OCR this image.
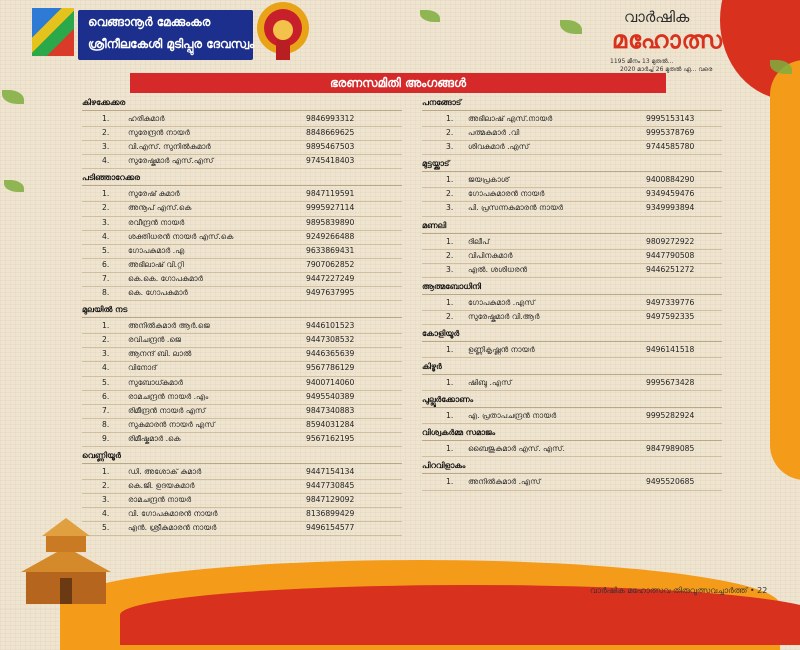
വെങ്ങാനൂർ മേക്കുംകര
ശ്രീനീലകേശി മുടിപ്പുര ദേവസ്വം
വാർഷിക
മഹോത്സവം
1195 മീനം 13 മുതൽ...
2020 മാർച്ച് 26 മുതൽ ഏ... വരെ
ഭരണസമിതി അംഗങ്ങൾ
കിഴക്കേക്കര
1. ഹരികുമാർ	9846993312
2. സുരേന്ദ്രൻ നായർ	8848669625
3. വി.എസ്. സുനിൽകുമാർ	9895467503
4. സുരേഷ്കുമാർ എസ്.എസ്	9745418403
പടിഞ്ഞാറേക്കര
1. സുരേഷ് കുമാർ	9847119591
2. അനൂപ് എസ്.കെ	9995927114
3. രവീന്ദ്രൻ നായർ	9895839890
4. ശക്തിധരൻ നായർ എസ്.കെ	9249266488
5. ഗോപകുമാർ .എ	9633869431
6. അഭിലാഷ് വി.റ്റി	7907062852
7. കെ.കെ. ഗോപകുമാർ	9447227249
8. കെ. ഗോപകുമാർ	9497637995
മുലയിൽ നട
1. അനിൽകുമാർ ആർ.ജെ	9446101523
2. രവിചന്ദ്രൻ .ജെ	9447308532
3. ആനന്ദ് ബി. ലാൽ	9446365639
4. വിനോദ്	9567786129
5. സുബോധ്കുമാർ	9400714060
6. രാമചന്ദ്രൻ നായർ .എം	9495540389
7. രിമീന്ദ്രൻ നായർ എസ്	9847340883
8. സുകുമാരൻ നായർ എസ്	8594031284
9. രിമീഷ്കുമാർ .കെ	9567162195
വെണ്ണിയൂർ
1. ഡി. അശോക് കുമാർ	9447154134
2. കെ.ജി. ഉദയകുമാർ	9447730845
3. രാമചന്ദ്രൻ നായർ	9847129092
4. വി. ഗോപകുമാരൻ നായർ	8136899429
5. എൻ. ശ്രീകുമാരൻ നായർ	9496154577
പനങ്ങോട്
1. അഭിലാഷ് എസ്.നായർ	9995153143
2. പത്മകുമാർ .വി	9995378769
3. ശിവകുമാർ .എസ്	9744585780
മുട്ടയ്ക്കാട്
1. ജയപ്രകാശ്	9400884290
2. ഗോപകുമാരൻ നായർ	9349459476
3. പി. പ്രസന്നകുമാരൻ നായർ	9349993894
മണലി
1. ദിലീപ്	9809272922
2. വിപിനകുമാർ	9447790508
3. എൽ. ശശിധരൻ	9446251272
ആത്മബോധിനി
1. ഗോപകുമാർ .എസ്	9497339776
2. സുരേഷ്കുമാർ വി.ആർ	9497592335
കോളിയൂർ
1. ഉണ്ണികൃഷ്ണൻ നായർ	9496141518
കിഴൂർ
1. ഷിബു .എസ്	9995673428
പുല്ലൂർക്കോണം
1. എ. പ്രതാപചന്ദ്രൻ നായർ	9995282924
വിശ്വകർമ്മ സമാജം
1. ബൈജുകുമാർ എസ്. എസ്.	9847989085
പിറവിളാകം
1. അനിൽകുമാർ .എസ്	9495520685
വാർഷിക മഹോത്സവ തിരുവുത്സവച്ചാർത്ത് • 22
